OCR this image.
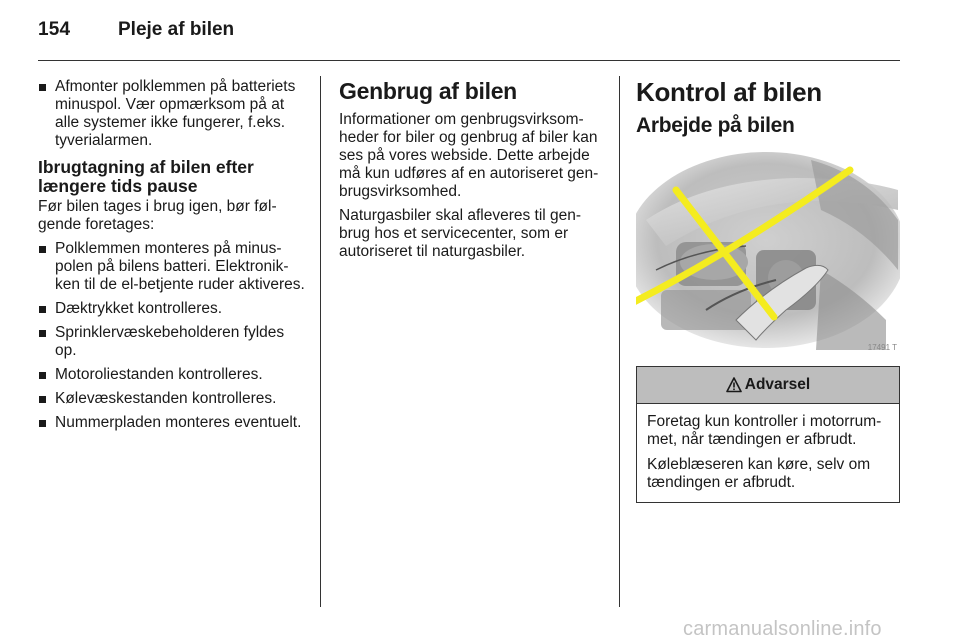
154	Pleje af bilen
Afmonter polklemmen på batteriets minuspol. Vær opmærksom på at alle systemer ikke fungerer, f.eks. tyverialarmen.
Ibrugtagning af bilen efter længere tids pause

Før bilen tages i brug igen, bør følgende foretages:

Polklemmen monteres på minuspolen på bilens batteri. Elektronikken til de el-betjente ruder aktiveres.
Dæktrykket kontrolleres.
Sprinklervæskebeholderen fyldes op.
Motoroliestanden kontrolleres.
Kølevæskestanden kontrolleres.
Nummerpladen monteres eventuelt.
Genbrug af bilen

Informationer om genbrugsvirksomheder for biler og genbrug af biler kan ses på vores webside. Dette arbejde må kun udføres af en autoriseret genbrugsvirksomhed.

Naturgasbiler skal afleveres til genbrug hos et servicecenter, som er autoriseret til naturgasbiler.

Kontrol af bilen
Arbejde på bilen
17491 T
Advarsel

Foretag kun kontroller i motorrummet, når tændingen er afbrudt.

Køleblæseren kan køre, selv om tændingen er afbrudt.

carmanualsonline.info
